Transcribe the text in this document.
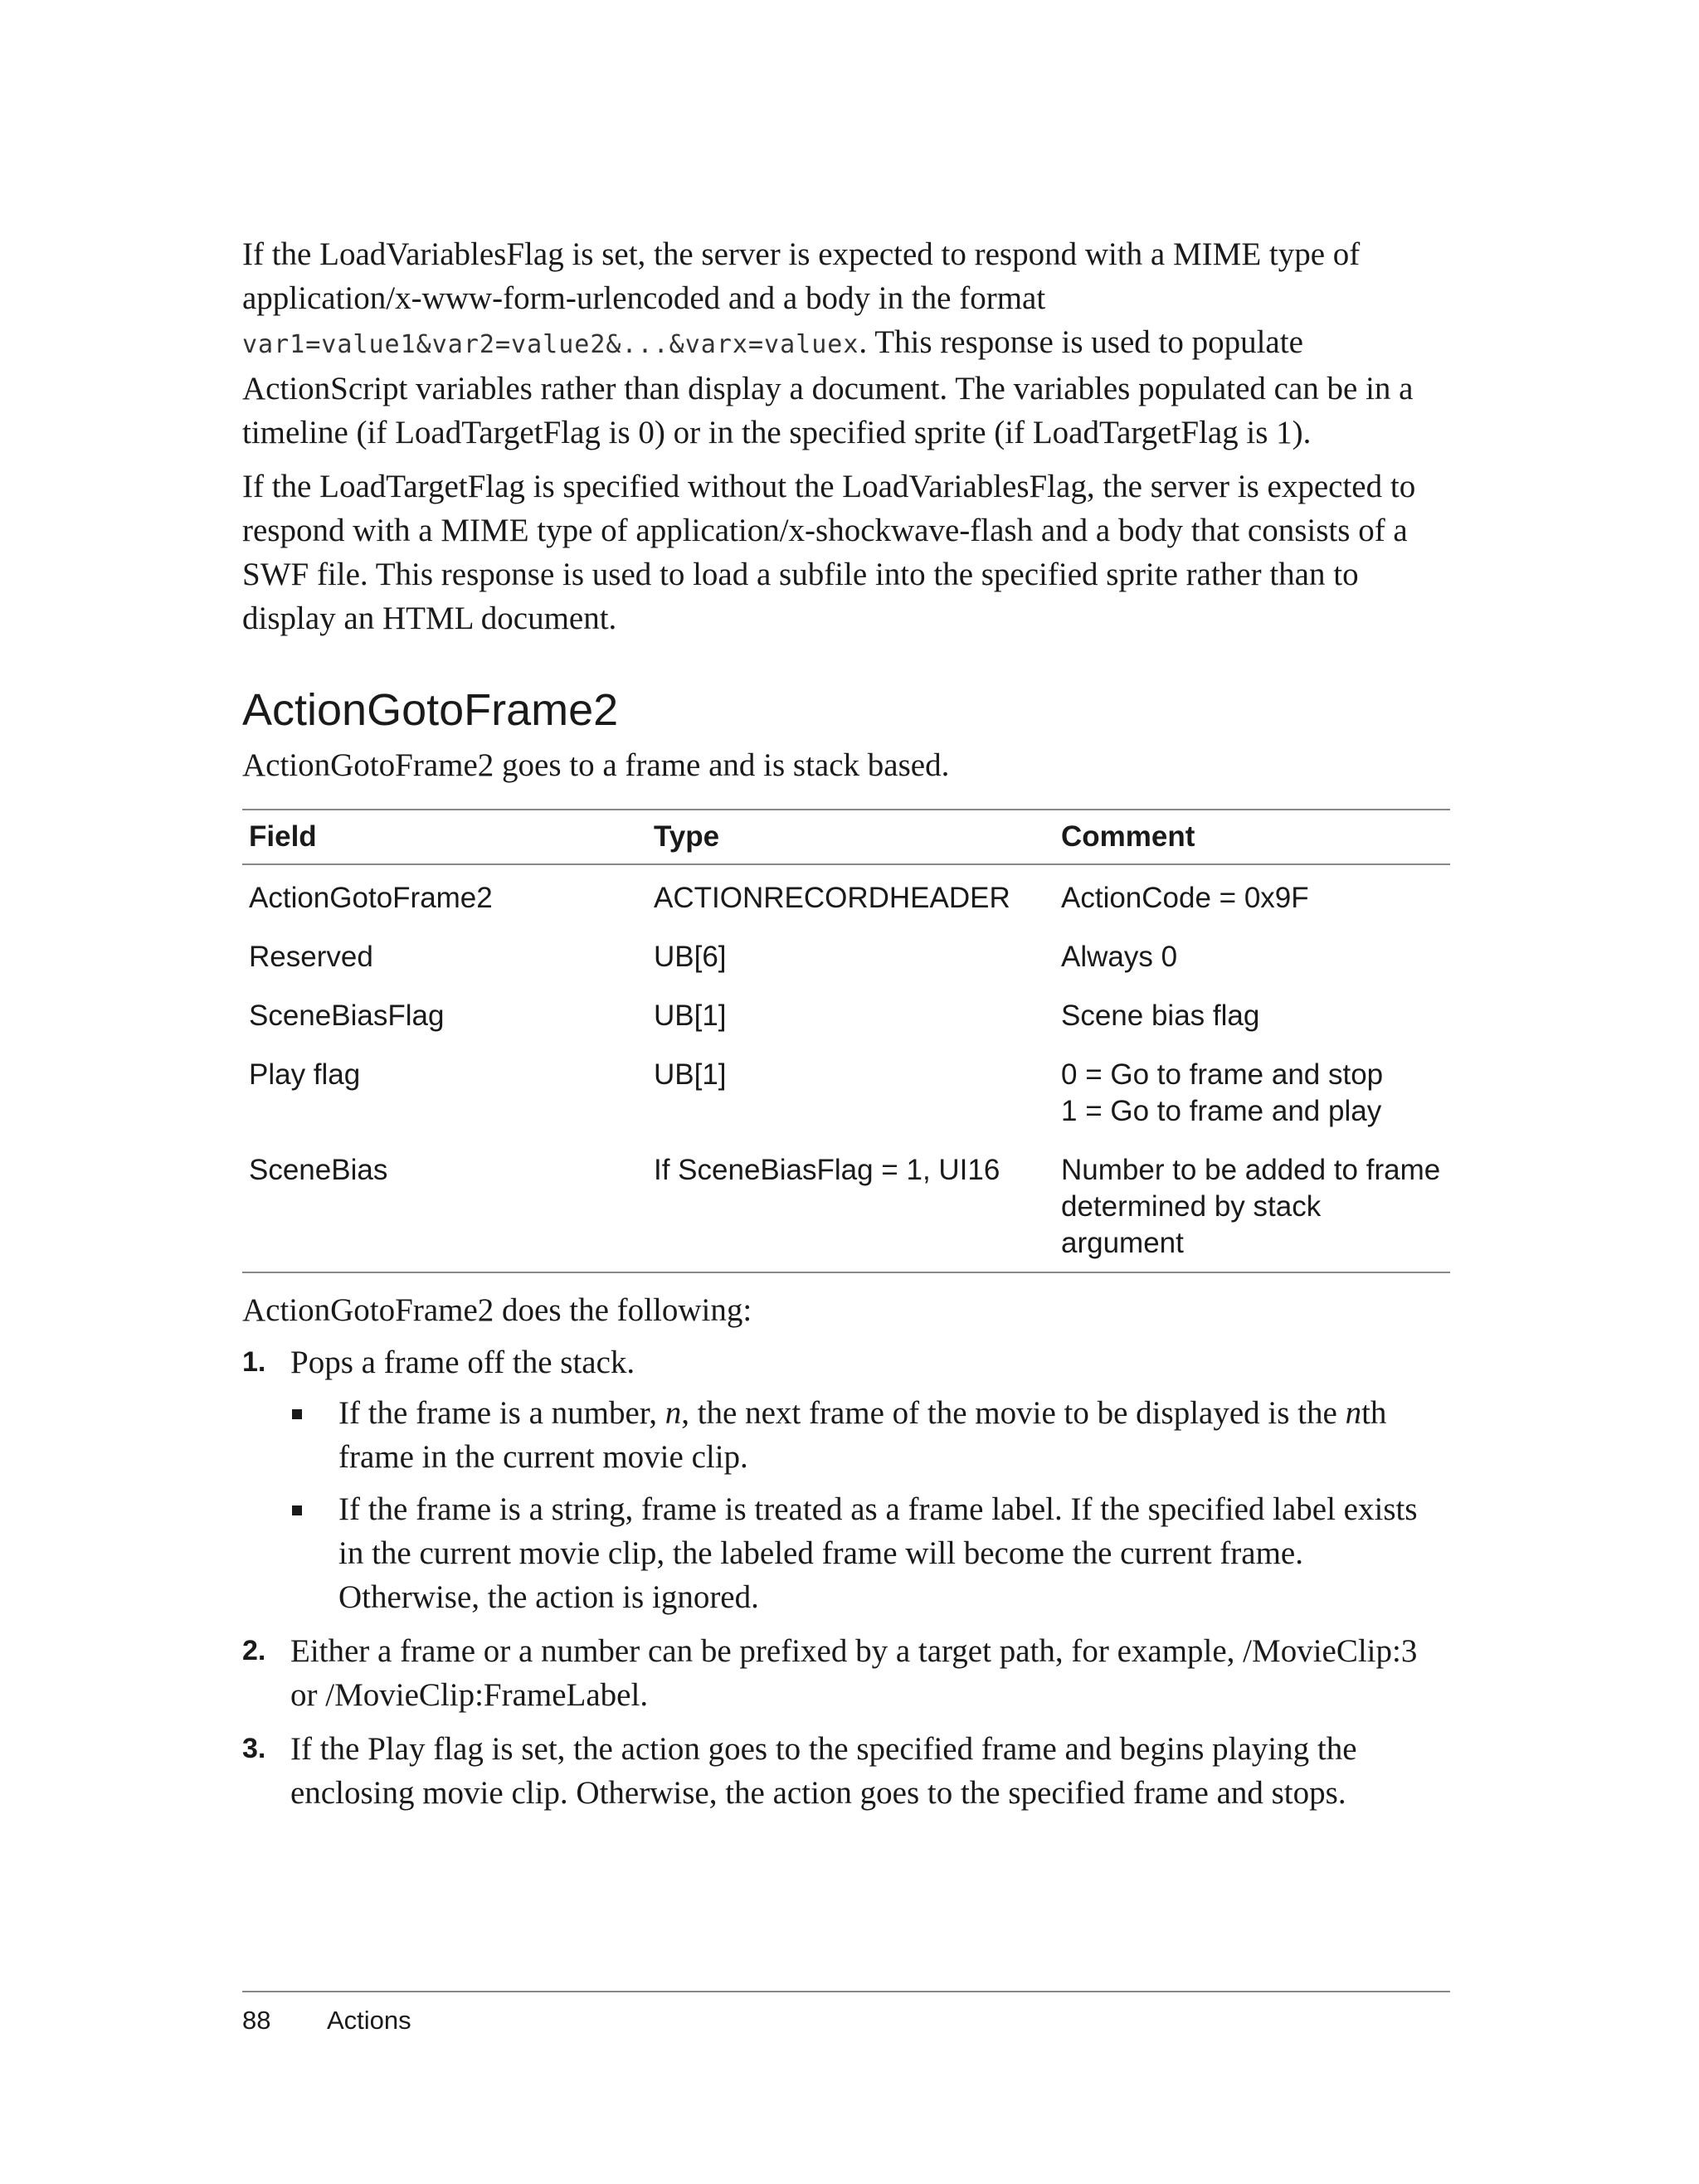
If the LoadVariablesFlag is set, the server is expected to respond with a MIME type of application/x-www-form-urlencoded and a body in the format
var1=value1&var2=value2&...&varx=valuex. This response is used to populate ActionScript variables rather than display a document. The variables populated can be in a timeline (if LoadTargetFlag is 0) or in the specified sprite (if LoadTargetFlag is 1).

If the LoadTargetFlag is specified without the LoadVariablesFlag, the server is expected to respond with a MIME type of application/x-shockwave-flash and a body that consists of a SWF file. This response is used to load a subfile into the specified sprite rather than to display an HTML document.

ActionGotoFrame2

ActionGotoFrame2 goes to a frame and is stack based.

Field	Type	Comment
ActionGotoFrame2	ACTIONRECORDHEADER	ActionCode = 0x9F
Reserved	UB[6]	Always 0
SceneBiasFlag	UB[1]	Scene bias flag
Play flag	UB[1]	0 = Go to frame and stop
1 = Go to frame and play
SceneBias	If SceneBiasFlag = 1, UI16	Number to be added to frame
determined by stack argument

ActionGotoFrame2 does the following:

1. Pops a frame off the stack.
If the frame is a number, n, the next frame of the movie to be displayed is the nth frame in the current movie clip.
If the frame is a string, frame is treated as a frame label. If the specified label exists in the current movie clip, the labeled frame will become the current frame. Otherwise, the action is ignored.
2. Either a frame or a number can be prefixed by a target path, for example, /MovieClip:3 or /MovieClip:FrameLabel.
3. If the Play flag is set, the action goes to the specified frame and begins playing the enclosing movie clip. Otherwise, the action goes to the specified frame and stops.
88 Actions
